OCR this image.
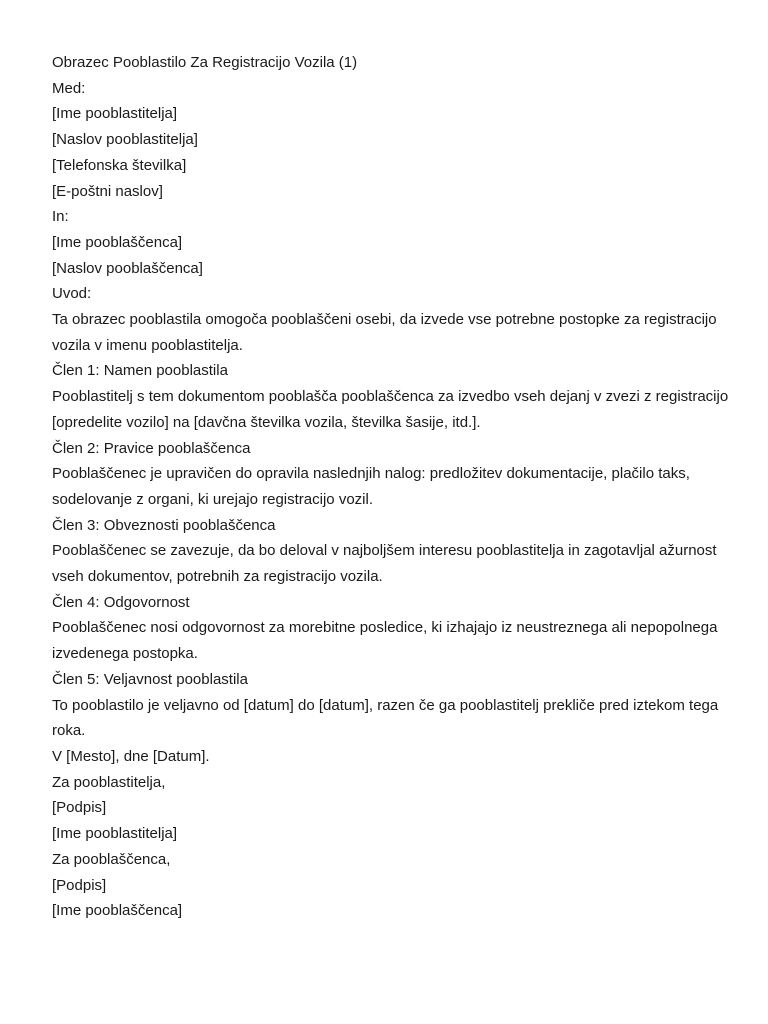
Obrazec Pooblastilo Za Registracijo Vozila (1)
Med:
[Ime pooblastitelja]
[Naslov pooblastitelja]
[Telefonska številka]
[E-poštni naslov]
In:
[Ime pooblaščenca]
[Naslov pooblaščenca]
Uvod:
Ta obrazec pooblastila omogoča pooblaščeni osebi, da izvede vse potrebne postopke za registracijo vozila v imenu pooblastitelja.
Člen 1: Namen pooblastila
Pooblastitelj s tem dokumentom pooblašča pooblaščenca za izvedbo vseh dejanj v zvezi z registracijo [opredelite vozilo] na [davčna številka vozila, številka šasije, itd.].
Člen 2: Pravice pooblaščenca
Pooblaščenec je upravičen do opravila naslednjih nalog: predložitev dokumentacije, plačilo taks, sodelovanje z organi, ki urejajo registracijo vozil.
Člen 3: Obveznosti pooblaščenca
Pooblaščenec se zavezuje, da bo deloval v najboljšem interesu pooblastitelja in zagotavljal ažurnost vseh dokumentov, potrebnih za registracijo vozila.
Člen 4: Odgovornost
Pooblaščenec nosi odgovornost za morebitne posledice, ki izhajajo iz neustreznega ali nepopolnega izvedenega postopka.
Člen 5: Veljavnost pooblastila
To pooblastilo je veljavno od [datum] do [datum], razen če ga pooblastitelj prekliče pred iztekom tega roka.
V [Mesto], dne [Datum].
Za pooblastitelja,
[Podpis]
[Ime pooblastitelja]
Za pooblaščenca,
[Podpis]
[Ime pooblaščenca]
